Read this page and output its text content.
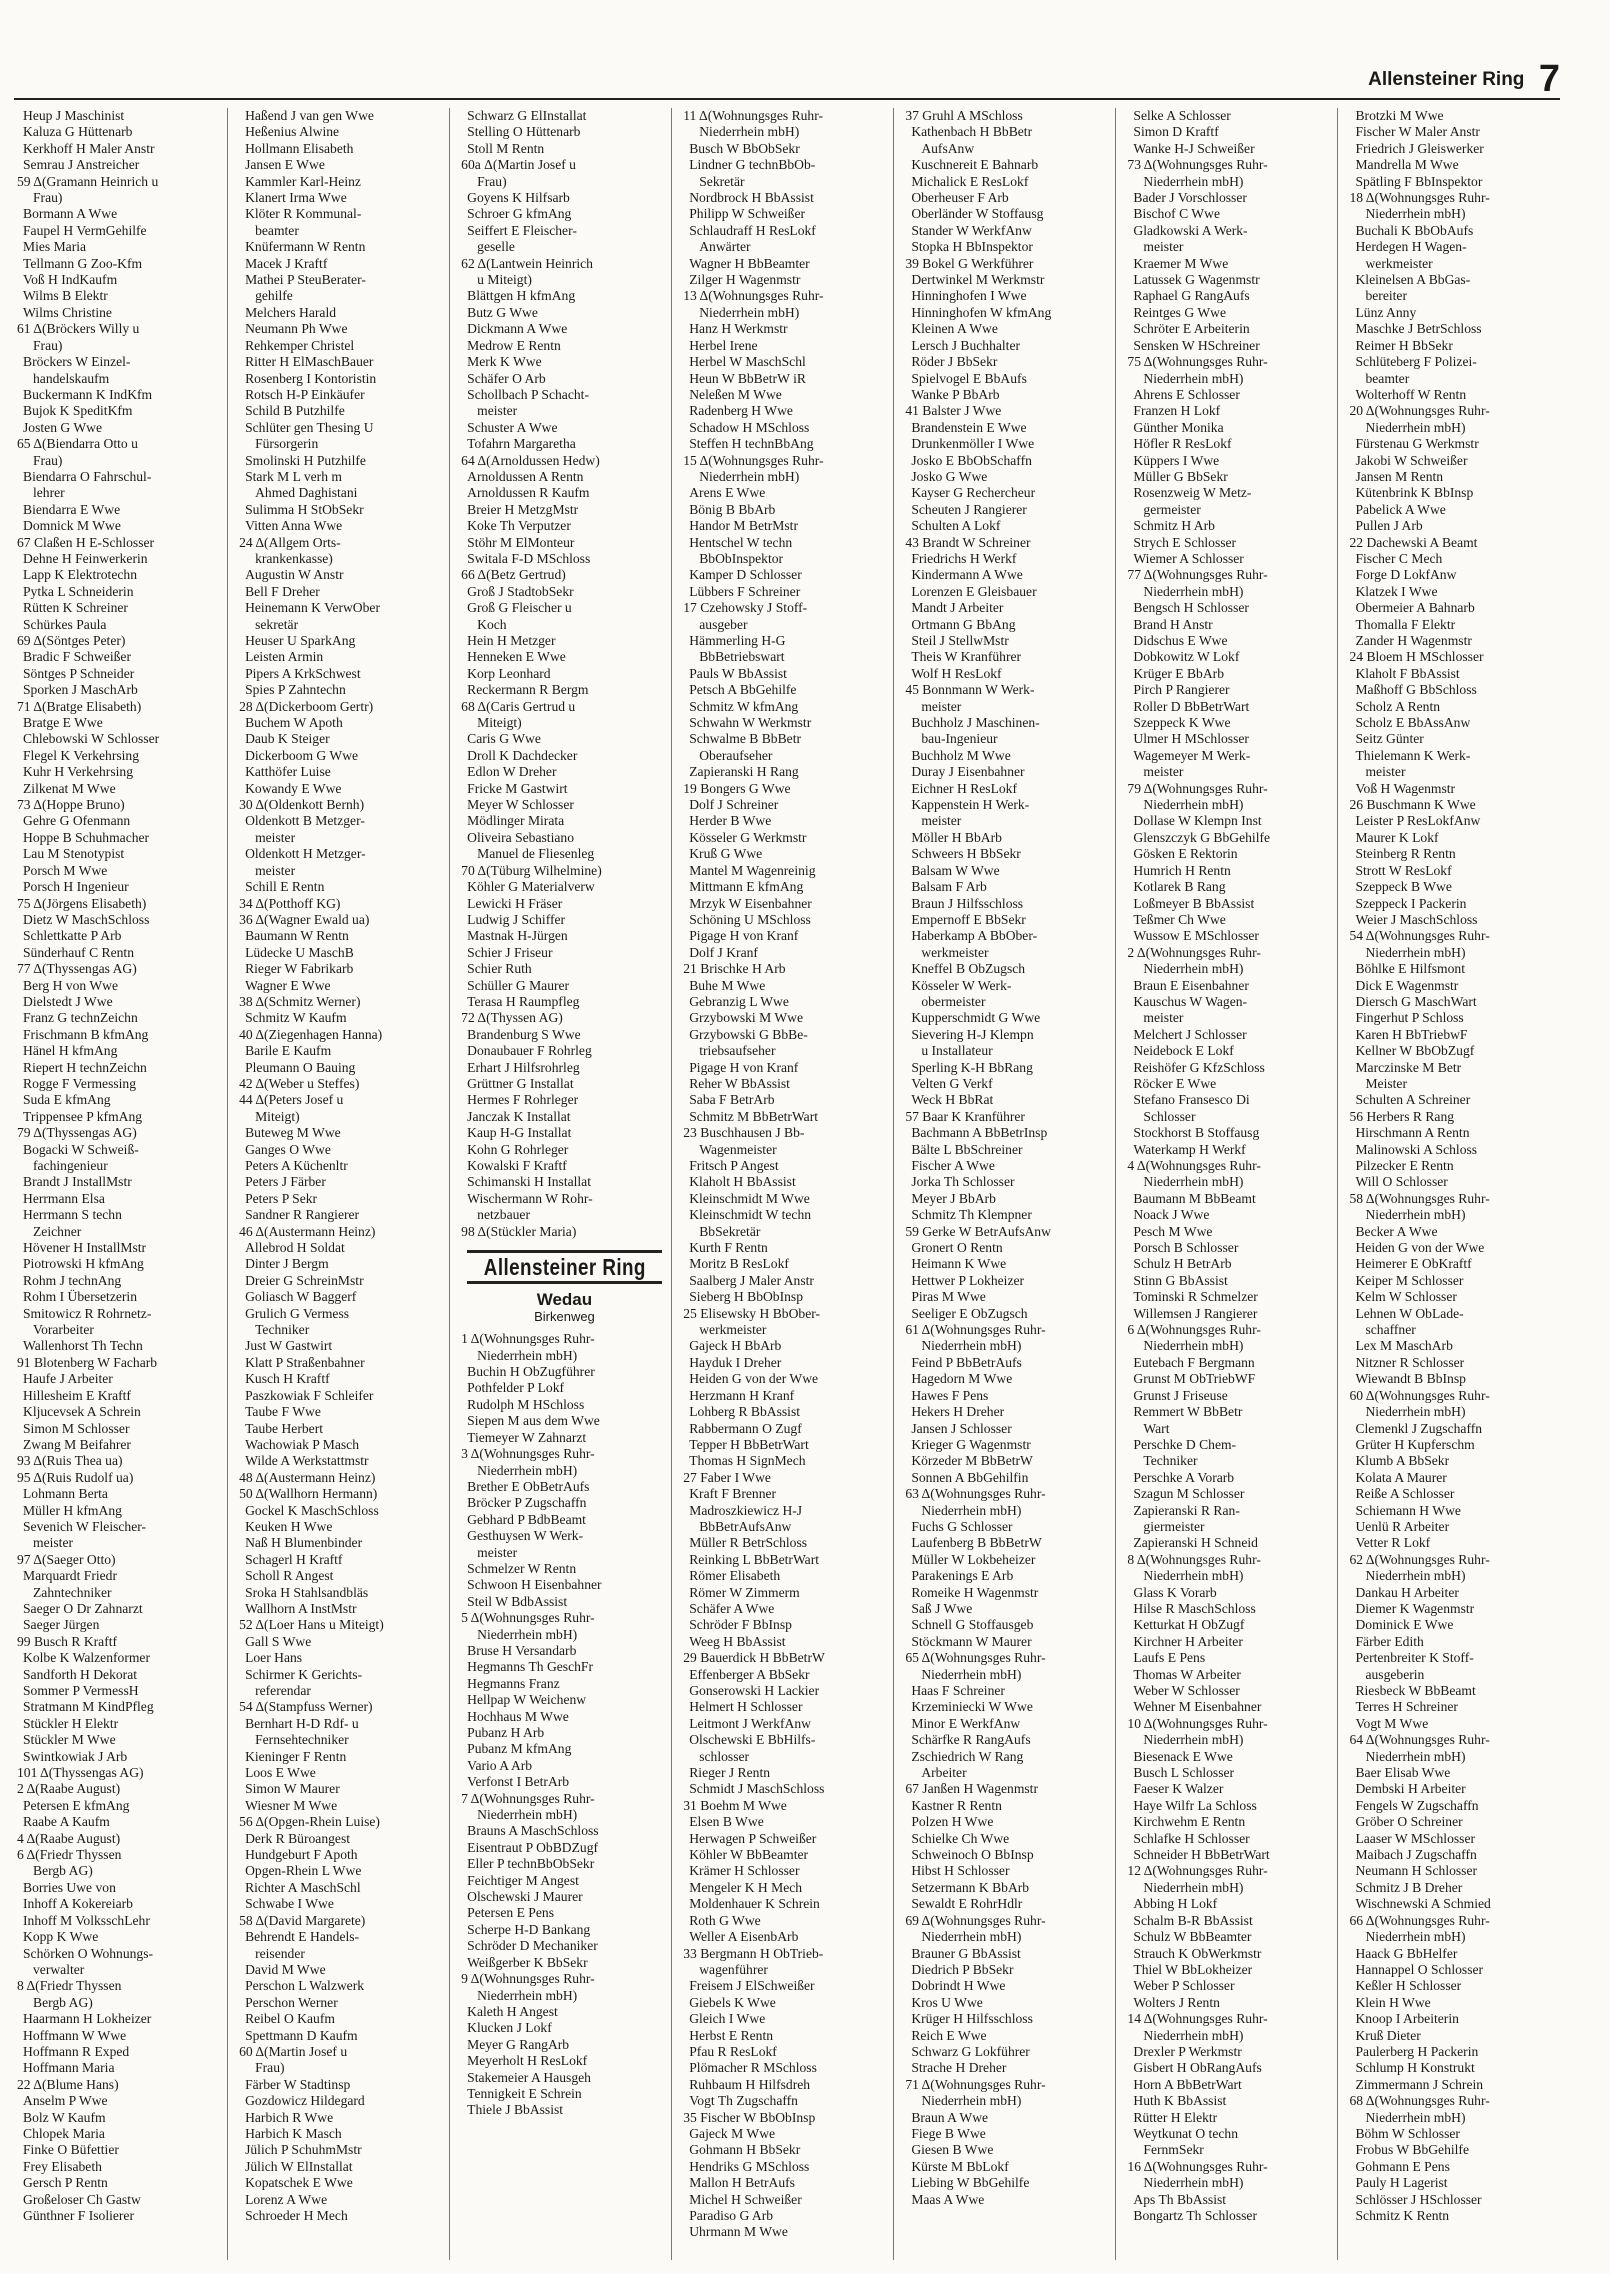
Allensteiner Ring 7
Heup J Maschinist
Kaluza G Hüttenarb
Kerkhoff H Maler Anstr
Semrau J Anstreicher
59 Δ(Gramann Heinrich u
Frau)
Bormann A Wwe
Faupel H VermGehilfe
Mies Maria
Tellmann G Zoo-Kfm
Voß H IndKaufm
Wilms B Elektr
Wilms Christine
61 Δ(Bröckers Willy u
Frau)
Bröckers W Einzel-
handelskaufm
Buckermann K IndKfm
Bujok K SpeditKfm
Josten G Wwe
65 Δ(Biendarra Otto u
Frau)
Biendarra O Fahrschul-
lehrer
Biendarra E Wwe
Domnick M Wwe
67 Claßen H E-Schlosser
Dehne H Feinwerkerin
Lapp K Elektrotechn
Pytka L Schneiderin
Rütten K Schreiner
Schürkes Paula
69 Δ(Söntges Peter)
Bradic F Schweißer
Söntges P Schneider
Sporken J MaschArb
71 Δ(Bratge Elisabeth)
Bratge E Wwe
Chlebowski W Schlosser
Flegel K Verkehrsing
Kuhr H Verkehrsing
Zilkenat M Wwe
73 Δ(Hoppe Bruno)
Gehre G Ofenmann
Hoppe B Schuhmacher
Lau M Stenotypist
Porsch M Wwe
Porsch H Ingenieur
75 Δ(Jörgens Elisabeth)
Dietz W MaschSchloss
Schlettkatte P Arb
Sünderhauf C Rentn
77 Δ(Thyssengas AG)
Berg H von Wwe
Dielstedt J Wwe
Franz G technZeichn
Frischmann B kfmAng
Hänel H kfmAng
Riepert H technZeichn
Rogge F Vermessing
Suda E kfmAng
Trippensee P kfmAng
79 Δ(Thyssengas AG)
Bogacki W Schweiß-
fachingenieur
Brandt J InstallMstr
Herrmann Elsa
Herrmann S techn
Zeichner
Hövener H InstallMstr
Piotrowski H kfmAng
Rohm J technAng
Rohm I Übersetzerin
Smitowicz R Rohrnetz-
Vorarbeiter
Wallenhorst Th Techn
91 Blotenberg W Facharb
Haufe J Arbeiter
Hillesheim E Kraftf
Kljucevsek A Schrein
Simon M Schlosser
Zwang M Beifahrer
93 Δ(Ruis Thea ua)
95 Δ(Ruis Rudolf ua)
Lohmann Berta
Müller H kfmAng
Sevenich W Fleischer-
meister
97 Δ(Saeger Otto)
Marquardt Friedr
Zahntechniker
Saeger O Dr Zahnarzt
Saeger Jürgen
99 Busch R Kraftf
Kolbe K Walzenformer
Sandforth H Dekorat
Sommer P VermessH
Stratmann M KindPfleg
Stückler H Elektr
Stückler M Wwe
Swintkowiak J Arb
101 Δ(Thyssengas AG)
2 Δ(Raabe August)
Petersen E kfmAng
Raabe A Kaufm
4 Δ(Raabe August)
6 Δ(Friedr Thyssen
Bergb AG)
Borries Uwe von
Inhoff A Kokereiarb
Inhoff M VolksschLehr
Kopp K Wwe
Schörken O Wohnungs-
verwalter
8 Δ(Friedr Thyssen
Bergb AG)
Haarmann H Lokheizer
Hoffmann W Wwe
Hoffmann R Exped
Hoffmann Maria
22 Δ(Blume Hans)
Anselm P Wwe
Bolz W Kaufm
Chlopek Maria
Finke O Büfettier
Frey Elisabeth
Gersch P Rentn
Großeloser Ch Gastw
Günthner F Isolierer
Haßend J van gen Wwe
Heßenius Alwine
Hollmann Elisabeth
Jansen E Wwe
Kammler Karl-Heinz
Klanert Irma Wwe
Klöter R Kommunal-
beamter
Knüfermann W Rentn
Macek J Kraftf
Mathei P SteuBerater-
gehilfe
Melchers Harald
Neumann Ph Wwe
Rehkemper Christel
Ritter H ElMaschBauer
Rosenberg I Kontoristin
Rotsch H-P Einkäufer
Schild B Putzhilfe
Schlüter gen Thesing U
Fürsorgerin
Smolinski H Putzhilfe
Stark M L verh m
Ahmed Daghistani
Sulimma H StObSekr
Vitten Anna Wwe
24 Δ(Allgem Orts-
krankenkasse)
Augustin W Anstr
Bell F Dreher
Heinemann K VerwOber
sekretär
Heuser U SparkAng
Leisten Armin
Pipers A KrkSchwest
Spies P Zahntechn
28 Δ(Dickerboom Gertr)
Buchem W Apoth
Daub K Steiger
Dickerboom G Wwe
Katthöfer Luise
Kowandy E Wwe
30 Δ(Oldenkott Bernh)
Oldenkott B Metzger-
meister
Oldenkott H Metzger-
meister
Schill E Rentn
34 Δ(Potthoff KG)
36 Δ(Wagner Ewald ua)
Baumann W Rentn
Lüdecke U MaschB
Rieger W Fabrikarb
Wagner E Wwe
38 Δ(Schmitz Werner)
Schmitz W Kaufm
40 Δ(Ziegenhagen Hanna)
Barile E Kaufm
Pleumann O Bauing
42 Δ(Weber u Steffes)
44 Δ(Peters Josef u
Miteigt)
Buteweg M Wwe
Ganges O Wwe
Peters A Küchenltr
Peters J Färber
Peters P Sekr
Sandner R Rangierer
46 Δ(Austermann Heinz)
Allebrod H Soldat
Dinter J Bergm
Dreier G SchreinMstr
Goliasch W Baggerf
Grulich G Vermess
Techniker
Just W Gastwirt
Klatt P Straßenbahner
Kusch H Kraftf
Paszkowiak F Schleifer
Taube F Wwe
Taube Herbert
Wachowiak P Masch
Wilde A Werkstattmstr
48 Δ(Austermann Heinz)
50 Δ(Wallhorn Hermann)
Gockel K MaschSchloss
Keuken H Wwe
Naß H Blumenbinder
Schagerl H Kraftf
Scholl R Angest
Sroka H Stahlsandbläs
Wallhorn A InstMstr
52 Δ(Loer Hans u Miteigt)
Gall S Wwe
Loer Hans
Schirmer K Gerichts-
referendar
54 Δ(Stampfuss Werner)
Bernhart H-D Rdf- u
Fernsehtechniker
Kieninger F Rentn
Loos E Wwe
Simon W Maurer
Wiesner M Wwe
56 Δ(Opgen-Rhein Luise)
Derk R Büroangest
Hundgeburt F Apoth
Opgen-Rhein L Wwe
Richter A MaschSchl
Schwabe I Wwe
58 Δ(David Margarete)
Behrendt E Handels-
reisender
David M Wwe
Perschon L Walzwerk
Perschon Werner
Reibel O Kaufm
Spettmann D Kaufm
60 Δ(Martin Josef u
Frau)
Färber W Stadtinsp
Gozdowicz Hildegard
Harbich R Wwe
Harbich K Masch
Jülich P SchuhmMstr
Jülich W ElInstallat
Kopatschek E Wwe
Lorenz A Wwe
Schroeder H Mech
Schwarz G ElInstallat
Stelling O Hüttenarb
Stoll M Rentn
60a Δ(Martin Josef u
Frau)
Goyens K Hilfsarb
Schroer G kfmAng
Seiffert E Fleischer-
geselle
62 Δ(Lantwein Heinrich
u Miteigt)
Blättgen H kfmAng
Butz G Wwe
Dickmann A Wwe
Medrow E Rentn
Merk K Wwe
Schäfer O Arb
Schollbach P Schacht-
meister
Schuster A Wwe
Tofahrn Margaretha
64 Δ(Arnoldussen Hedw)
Arnoldussen A Rentn
Arnoldussen R Kaufm
Breier H MetzgMstr
Koke Th Verputzer
Stöhr M ElMonteur
Switala F-D MSchloss
66 Δ(Betz Gertrud)
Groß J StadtobSekr
Groß G Fleischer u
Koch
Hein H Metzger
Henneken E Wwe
Korp Leonhard
Reckermann R Bergm
68 Δ(Caris Gertrud u
Miteigt)
Caris G Wwe
Droll K Dachdecker
Edlon W Dreher
Fricke M Gastwirt
Meyer W Schlosser
Mödlinger Mirata
Oliveira Sebastiano
Manuel de Fliesenleg
70 Δ(Tüburg Wilhelmine)
Köhler G Materialverw
Lewicki H Fräser
Ludwig J Schiffer
Mastnak H-Jürgen
Schier J Friseur
Schier Ruth
Schüller G Maurer
Terasa H Raumpfleg
72 Δ(Thyssen AG)
Brandenburg S Wwe
Donaubauer F Rohrleg
Erhart J Hilfsrohrleg
Grüttner G Installat
Hermes F Rohrleger
Janczak K Installat
Kaup H-G Installat
Kohn G Rohrleger
Kowalski F Kraftf
Schimanski H Installat
Wischermann W Rohr-
netzbauer
98 Δ(Stückler Maria)
Allensteiner Ring
Wedau
Birkenweg
1 Δ(Wohnungsges Ruhr-
Niederrhein mbH)
Buchin H ObZugführer
Pothfelder P Lokf
Rudolph M HSchloss
Siepen M aus dem Wwe
Tiemeyer W Zahnarzt
3 Δ(Wohnungsges Ruhr-
Niederrhein mbH)
Brether E ObBetrAufs
Bröcker P Zugschaffn
Gebhard P BdbBeamt
Gesthuysen W Werk-
meister
Schmelzer W Rentn
Schwoon H Eisenbahner
Steil W BdbAssist
5 Δ(Wohnungsges Ruhr-
Niederrhein mbH)
Bruse H Versandarb
Hegmanns Th GeschFr
Hegmanns Franz
Hellpap W Weichenw
Hochhaus M Wwe
Pubanz H Arb
Pubanz M kfmAng
Vario A Arb
Verfonst I BetrArb
7 Δ(Wohnungsges Ruhr-
Niederrhein mbH)
Brauns A MaschSchloss
Eisentraut P ObBDZugf
Eller P technBbObSekr
Feichtiger M Angest
Olschewski J Maurer
Petersen E Pens
Scherpe H-D Bankang
Schröder D Mechaniker
Weißgerber K BbSekr
9 Δ(Wohnungsges Ruhr-
Niederrhein mbH)
Kaleth H Angest
Klucken J Lokf
Meyer G RangArb
Meyerholt H ResLokf
Stakemeier A Hausgeh
Tennigkeit E Schrein
Thiele J BbAssist
11 Δ(Wohnungsges Ruhr-
Niederrhein mbH)
Busch W BbObSekr
Lindner G technBbOb-
Sekretär
Nordbrock H BbAssist
Philipp W Schweißer
Schlaudraff H ResLokf
Anwärter
Wagner H BbBeamter
Zilger H Wagenmstr
13 Δ(Wohnungsges Ruhr-
Niederrhein mbH)
Hanz H Werkmstr
Herbel Irene
Herbel W MaschSchl
Heun W BbBetrW iR
Neleßen M Wwe
Radenberg H Wwe
Schadow H MSchloss
Steffen H technBbAng
15 Δ(Wohnungsges Ruhr-
Niederrhein mbH)
Arens E Wwe
Bönig B BbArb
Handor M BetrMstr
Hentschel W techn
BbObInspektor
Kamper D Schlosser
Lübbers F Schreiner
17 Czehowsky J Stoff-
ausgeber
Hämmerling H-G
BbBetriebswart
Pauls W BbAssist
Petsch A BbGehilfe
Schmitz W kfmAng
Schwahn W Werkmstr
Schwalme B BbBetr
Oberaufseher
Zapieranski H Rang
19 Bongers G Wwe
Dolf J Schreiner
Herder B Wwe
Kösseler G Werkmstr
Kruß G Wwe
Mantel M Wagenreinig
Mittmann E kfmAng
Mrzyk W Eisenbahner
Schöning U MSchloss
Pigage H von Kranf
Dolf J Kranf
21 Brischke H Arb
Buhe M Wwe
Gebranzig L Wwe
Grzybowski M Wwe
Grzybowski G BbBe-
triebsaufseher
Pigage H von Kranf
Reher W BbAssist
Saba F BetrArb
Schmitz M BbBetrWart
23 Buschhausen J Bb-
Wagenmeister
Fritsch P Angest
Klaholt H BbAssist
Kleinschmidt M Wwe
Kleinschmidt W techn
BbSekretär
Kurth F Rentn
Moritz B ResLokf
Saalberg J Maler Anstr
Sieberg H BbObInsp
25 Elisewsky H BbOber-
werkmeister
Gajeck H BbArb
Hayduk I Dreher
Heiden G von der Wwe
Herzmann H Kranf
Lohberg R BbAssist
Rabbermann O Zugf
Tepper H BbBetrWart
Thomas H SignMech
27 Faber I Wwe
Kraft F Brenner
Madroszkiewicz H-J
BbBetrAufsAnw
Müller R BetrSchloss
Reinking L BbBetrWart
Römer Elisabeth
Römer W Zimmerm
Schäfer A Wwe
Schröder F BbInsp
Weeg H BbAssist
29 Bauerdick H BbBetrW
Effenberger A BbSekr
Gonserowski H Lackier
Helmert H Schlosser
Leitmont J WerkfAnw
Olschewski E BbHilfs-
schlosser
Rieger J Rentn
Schmidt J MaschSchloss
31 Boehm M Wwe
Elsen B Wwe
Herwagen P Schweißer
Köhler W BbBeamter
Krämer H Schlosser
Mengeler K H Mech
Moldenhauer K Schrein
Roth G Wwe
Weller A EisenbArb
33 Bergmann H ObTrieb-
wagenführer
Freisem J ElSchweißer
Giebels K Wwe
Gleich I Wwe
Herbst E Rentn
Pfau R ResLokf
Plömacher R MSchloss
Ruhbaum H Hilfsdreh
Vogt Th Zugschaffn
35 Fischer W BbObInsp
Gajeck M Wwe
Gohmann H BbSekr
Hendriks G MSchloss
Mallon H BetrAufs
Michel H Schweißer
Paradiso G Arb
Uhrmann M Wwe
37 Gruhl A MSchloss
Kathenbach H BbBetr
AufsAnw
Kuschnereit E Bahnarb
Michalick E ResLokf
Oberheuser F Arb
Oberländer W Stoffausg
Stander W WerkfAnw
Stopka H BbInspektor
39 Bokel G Werkführer
Dertwinkel M Werkmstr
Hinninghofen I Wwe
Hinninghofen W kfmAng
Kleinen A Wwe
Lersch J Buchhalter
Röder J BbSekr
Spielvogel E BbAufs
Wanke P BbArb
41 Balster J Wwe
Brandenstein E Wwe
Drunkenmöller I Wwe
Josko E BbObSchaffn
Josko G Wwe
Kayser G Rechercheur
Scheuten J Rangierer
Schulten A Lokf
43 Brandt W Schreiner
Friedrichs H Werkf
Kindermann A Wwe
Lorenzen E Gleisbauer
Mandt J Arbeiter
Ortmann G BbAng
Steil J StellwMstr
Theis W Kranführer
Wolf H ResLokf
45 Bonnmann W Werk-
meister
Buchholz J Maschinen-
bau-Ingenieur
Buchholz M Wwe
Duray J Eisenbahner
Eichner H ResLokf
Kappenstein H Werk-
meister
Möller H BbArb
Schweers H BbSekr
Balsam W Wwe
Balsam F Arb
Braun J Hilfsschloss
Empernoff E BbSekr
Haberkamp A BbOber-
werkmeister
Kneffel B ObZugsch
Kösseler W Werk-
obermeister
Kupperschmidt G Wwe
Sievering H-J Klempn
u Installateur
Sperling K-H BbRang
Velten G Verkf
Weck H BbRat
57 Baar K Kranführer
Bachmann A BbBetrInsp
Bälte L BbSchreiner
Fischer A Wwe
Jorka Th Schlosser
Meyer J BbArb
Schmitz Th Klempner
59 Gerke W BetrAufsAnw
Gronert O Rentn
Heimann K Wwe
Hettwer P Lokheizer
Piras M Wwe
Seeliger E ObZugsch
61 Δ(Wohnungsges Ruhr-
Niederrhein mbH)
Feind P BbBetrAufs
Hagedorn M Wwe
Hawes F Pens
Hekers H Dreher
Jansen J Schlosser
Krieger G Wagenmstr
Körzeder M BbBetrW
Sonnen A BbGehilfin
63 Δ(Wohnungsges Ruhr-
Niederrhein mbH)
Fuchs G Schlosser
Laufenberg B BbBetrW
Müller W Lokbeheizer
Parakenings E Arb
Romeike H Wagenmstr
Saß J Wwe
Schnell G Stoffausgeb
Stöckmann W Maurer
65 Δ(Wohnungsges Ruhr-
Niederrhein mbH)
Haas F Schreiner
Krzeminiecki W Wwe
Minor E WerkfAnw
Schärfke R RangAufs
Zschiedrich W Rang
Arbeiter
67 Janßen H Wagenmstr
Kastner R Rentn
Polzen H Wwe
Schielke Ch Wwe
Schweinoch O BbInsp
Hibst H Schlosser
Setzermann K BbArb
Sewaldt E RohrHdlr
69 Δ(Wohnungsges Ruhr-
Niederrhein mbH)
Brauner G BbAssist
Diedrich P BbSekr
Dobrindt H Wwe
Kros U Wwe
Krüger H Hilfsschloss
Reich E Wwe
Schwarz G Lokführer
Strache H Dreher
71 Δ(Wohnungsges Ruhr-
Niederrhein mbH)
Braun A Wwe
Fiege B Wwe
Giesen B Wwe
Kürste M BbLokf
Liebing W BbGehilfe
Maas A Wwe
Selke A Schlosser
Simon D Kraftf
Wanke H-J Schweißer
73 Δ(Wohnungsges Ruhr-
Niederrhein mbH)
Bader J Vorschlosser
Bischof C Wwe
Gladkowski A Werk-
meister
Kraemer M Wwe
Latussek G Wagenmstr
Raphael G RangAufs
Reintges G Wwe
Schröter E Arbeiterin
Sensken W HSchreiner
75 Δ(Wohnungsges Ruhr-
Niederrhein mbH)
Ahrens E Schlosser
Franzen H Lokf
Günther Monika
Höfler R ResLokf
Küppers I Wwe
Müller G BbSekr
Rosenzweig W Metz-
germeister
Schmitz H Arb
Strych E Schlosser
Wiemer A Schlosser
77 Δ(Wohnungsges Ruhr-
Niederrhein mbH)
Bengsch H Schlosser
Brand H Anstr
Didschus E Wwe
Dobkowitz W Lokf
Krüger E BbArb
Pirch P Rangierer
Roller D BbBetrWart
Szeppeck K Wwe
Ulmer H MSchlosser
Wagemeyer M Werk-
meister
79 Δ(Wohnungsges Ruhr-
Niederrhein mbH)
Dollase W Klempn Inst
Glenszczyk G BbGehilfe
Gösken E Rektorin
Humrich H Rentn
Kotlarek B Rang
Loßmeyer B BbAssist
Teßmer Ch Wwe
Wussow E MSchlosser
2 Δ(Wohnungsges Ruhr-
Niederrhein mbH)
Braun E Eisenbahner
Kauschus W Wagen-
meister
Melchert J Schlosser
Neidebock E Lokf
Reishöfer G KfzSchloss
Röcker E Wwe
Stefano Fransesco Di
Schlosser
Stockhorst B Stoffausg
Waterkamp H Werkf
4 Δ(Wohnungsges Ruhr-
Niederrhein mbH)
Baumann M BbBeamt
Noack J Wwe
Pesch M Wwe
Porsch B Schlosser
Schulz H BetrArb
Stinn G BbAssist
Tominski R Schmelzer
Willemsen J Rangierer
6 Δ(Wohnungsges Ruhr-
Niederrhein mbH)
Eutebach F Bergmann
Grunst M ObTriebWF
Grunst J Friseuse
Remmert W BbBetr
Wart
Perschke D Chem-
Techniker
Perschke A Vorarb
Szagun M Schlosser
Zapieranski R Ran-
giermeister
Zapieranski H Schneid
8 Δ(Wohnungsges Ruhr-
Niederrhein mbH)
Glass K Vorarb
Hilse R MaschSchloss
Ketturkat H ObZugf
Kirchner H Arbeiter
Laufs E Pens
Thomas W Arbeiter
Weber W Schlosser
Wehner M Eisenbahner
10 Δ(Wohnungsges Ruhr-
Niederrhein mbH)
Biesenack E Wwe
Busch L Schlosser
Faeser K Walzer
Haye Wilfr La Schloss
Kirchwehm E Rentn
Schlafke H Schlosser
Schneider H BbBetrWart
12 Δ(Wohnungsges Ruhr-
Niederrhein mbH)
Abbing H Lokf
Schalm B-R BbAssist
Schulz W BbBeamter
Strauch K ObWerkmstr
Thiel W BbLokheizer
Weber P Schlosser
Wolters J Rentn
14 Δ(Wohnungsges Ruhr-
Niederrhein mbH)
Drexler P Werkmstr
Gisbert H ObRangAufs
Horn A BbBetrWart
Huth K BbAssist
Rütter H Elektr
Weytkunat O techn
FernmSekr
16 Δ(Wohnungsges Ruhr-
Niederrhein mbH)
Aps Th BbAssist
Bongartz Th Schlosser
Brotzki M Wwe
Fischer W Maler Anstr
Friedrich J Gleiswerker
Mandrella M Wwe
Spätling F BbInspektor
18 Δ(Wohnungsges Ruhr-
Niederrhein mbH)
Buchali K BbObAufs
Herdegen H Wagen-
werkmeister
Kleinelsen A BbGas-
bereiter
Lünz Anny
Maschke J BetrSchloss
Reimer H BbSekr
Schlüteberg F Polizei-
beamter
Wolterhoff W Rentn
20 Δ(Wohnungsges Ruhr-
Niederrhein mbH)
Fürstenau G Werkmstr
Jakobi W Schweißer
Jansen M Rentn
Kütenbrink K BbInsp
Pabelick A Wwe
Pullen J Arb
22 Dachewski A Beamt
Fischer C Mech
Forge D LokfAnw
Klatzek I Wwe
Obermeier A Bahnarb
Thomalla F Elektr
Zander H Wagenmstr
24 Bloem H MSchlosser
Klaholt F BbAssist
Maßhoff G BbSchloss
Scholz A Rentn
Scholz E BbAssAnw
Seitz Günter
Thielemann K Werk-
meister
Voß H Wagenmstr
26 Buschmann K Wwe
Leister P ResLokfAnw
Maurer K Lokf
Steinberg R Rentn
Strott W ResLokf
Szeppeck B Wwe
Szeppeck I Packerin
Weier J MaschSchloss
54 Δ(Wohnungsges Ruhr-
Niederrhein mbH)
Böhlke E Hilfsmont
Dick E Wagenmstr
Diersch G MaschWart
Fingerhut P Schloss
Karen H BbTriebwF
Kellner W BbObZugf
Marczinske M Betr
Meister
Schulten A Schreiner
56 Herbers R Rang
Hirschmann A Rentn
Malinowski A Schloss
Pilzecker E Rentn
Will O Schlosser
58 Δ(Wohnungsges Ruhr-
Niederrhein mbH)
Becker A Wwe
Heiden G von der Wwe
Heimerer E ObKraftf
Keiper M Schlosser
Kelm W Schlosser
Lehnen W ObLade-
schaffner
Lex M MaschArb
Nitzner R Schlosser
Wiewandt B BbInsp
60 Δ(Wohnungsges Ruhr-
Niederrhein mbH)
Clemenkl J Zugschaffn
Grüter H Kupferschm
Klumb A BbSekr
Kolata A Maurer
Reiße A Schlosser
Schiemann H Wwe
Uenlü R Arbeiter
Vetter R Lokf
62 Δ(Wohnungsges Ruhr-
Niederrhein mbH)
Dankau H Arbeiter
Diemer K Wagenmstr
Dominick E Wwe
Färber Edith
Pertenbreiter K Stoff-
ausgeberin
Riesbeck W BbBeamt
Terres H Schreiner
Vogt M Wwe
64 Δ(Wohnungsges Ruhr-
Niederrhein mbH)
Baer Elisab Wwe
Dembski H Arbeiter
Fengels W Zugschaffn
Gröber O Schreiner
Laaser W MSchlosser
Maibach J Zugschaffn
Neumann H Schlosser
Schmitz J B Dreher
Wischnewski A Schmied
66 Δ(Wohnungsges Ruhr-
Niederrhein mbH)
Haack G BbHelfer
Hannappel O Schlosser
Keßler H Schlosser
Klein H Wwe
Knoop I Arbeiterin
Kruß Dieter
Paulerberg H Packerin
Schlump H Konstrukt
Zimmermann J Schrein
68 Δ(Wohnungsges Ruhr-
Niederrhein mbH)
Böhm W Schlosser
Frobus W BbGehilfe
Gohmann E Pens
Pauly H Lagerist
Schlösser J HSchlosser
Schmitz K Rentn
